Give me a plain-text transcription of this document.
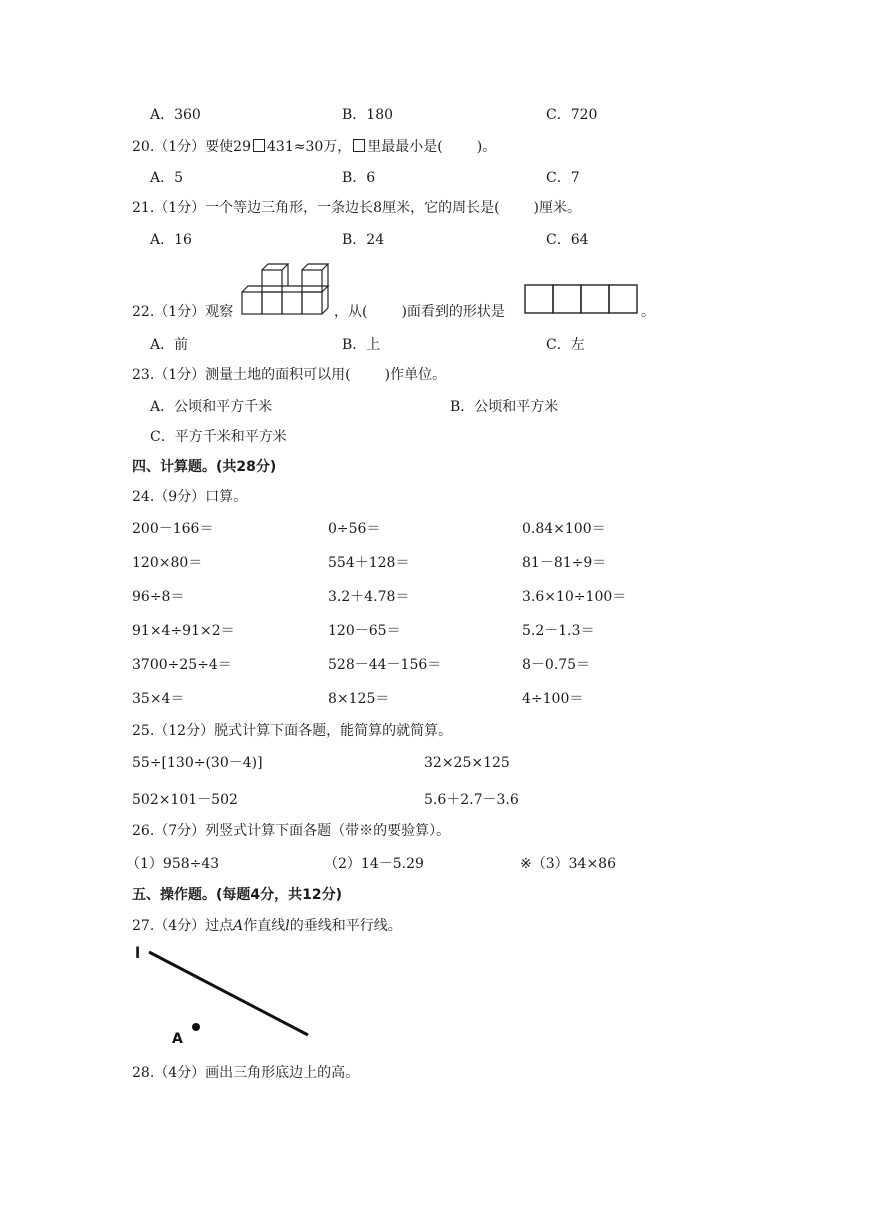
A．360	B．180	C．720
20.（1分）要使29 431≈30万， 里最最小是( )。
A．5	B．6	C．7
21.（1分）一个等边三角形，一条边长8厘米，它的周长是( )厘米。
A．16	B．24	C．64
22.（1分）观察	，从( )面看到的形状是	。
A．前	B．上	C．左
23.（1分）测量土地的面积可以用( )作单位。
A．公顷和平方千米	B．公顷和平方米
C．平方千米和平方米
四、计算题。(共28分)
24.（9分）口算。
200－166＝	0÷56＝	0.84×100＝
120×80＝	554＋128＝	81－81÷9＝
96÷8＝	3.2＋4.78＝	3.6×10÷100＝
91×4÷91×2＝	120－65＝	5.2－1.3＝
3700÷25÷4＝	528－44－156＝	8－0.75＝
35×4＝	8×125＝	4÷100＝
25.（12分）脱式计算下面各题，能简算的就简算。
55÷[130÷(30－4)]	32×25×125
502×101－502	5.6＋2.7－3.6
26.（7分）列竖式计算下面各题（带※的要验算）。
（1）958÷43	（2）14－5.29	※（3）34×86
五、操作题。(每题4分，共12分)
27.（4分）过点A作直线l的垂线和平行线。
l
A
28.（4分）画出三角形底边上的高。
